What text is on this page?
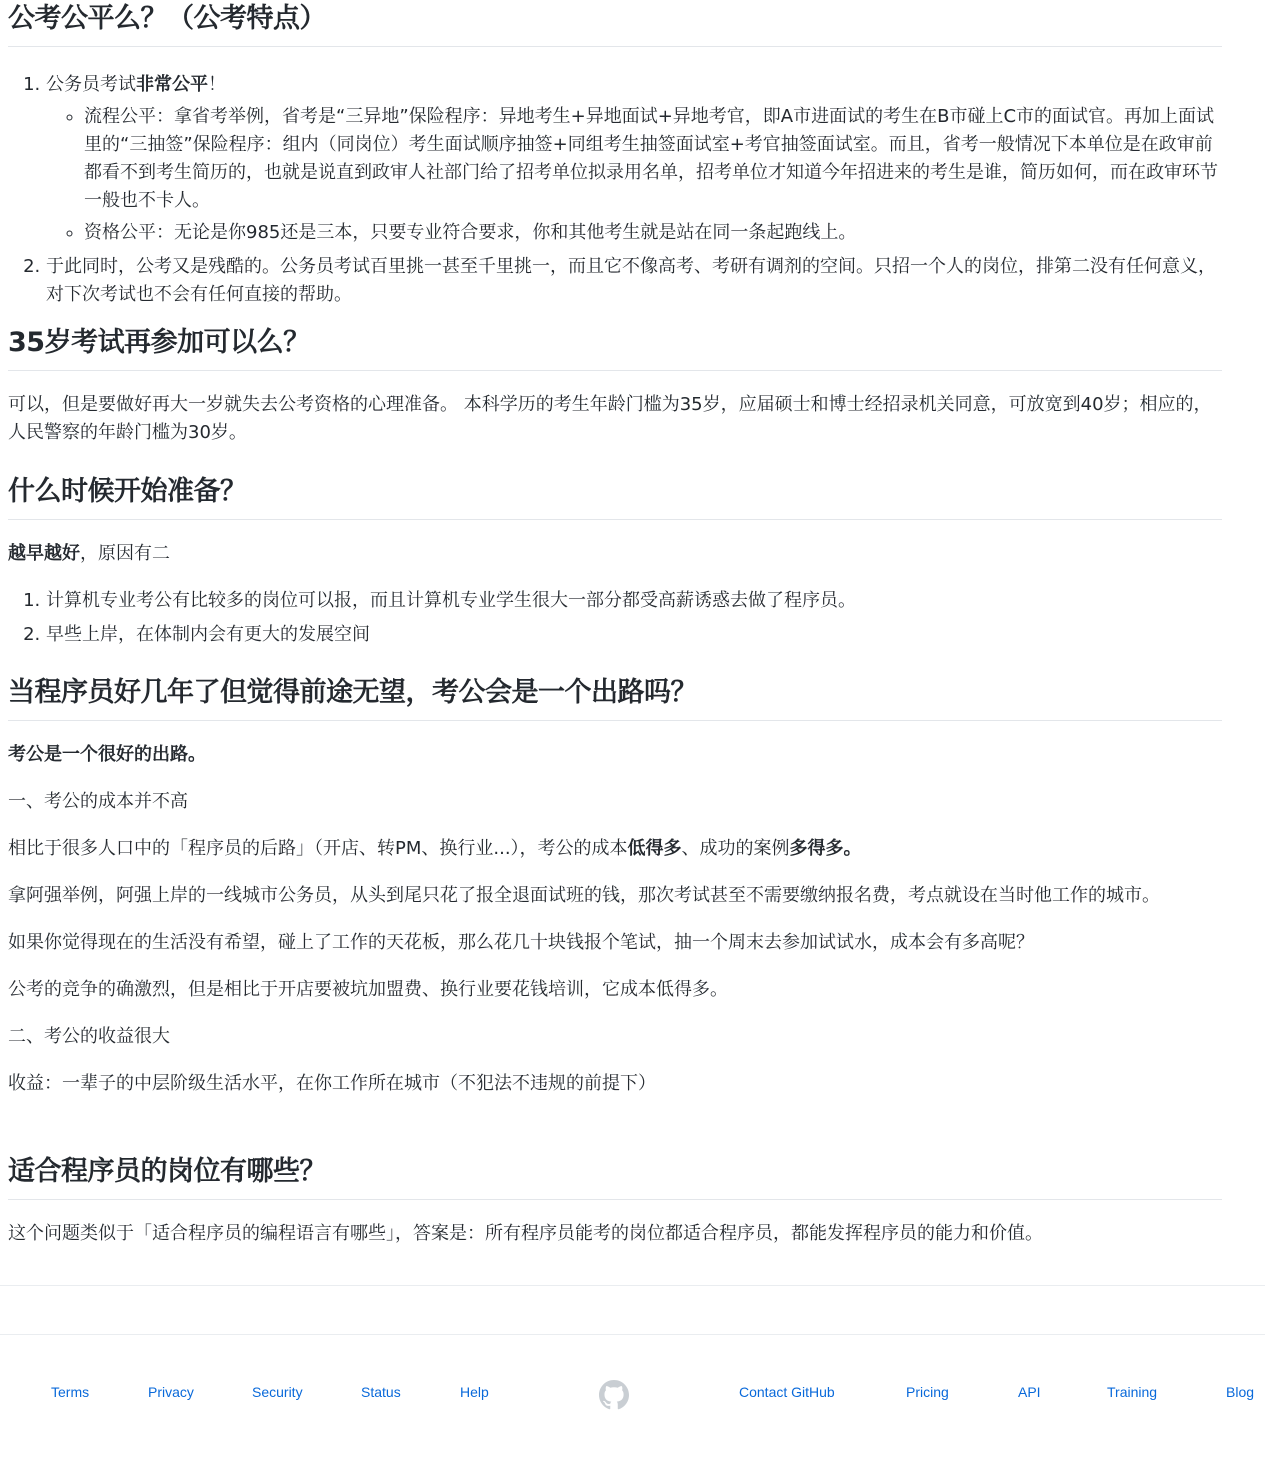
公考公平么？（公考特点）
1. 公务员考试非常公平！
◦ 流程公平：拿省考举例，省考是“三异地”保险程序：异地考生+异地面试+异地考官，即A市进面试的考生在B市碰上C市的面试官。再加上面试里的“三抽签”保险程序：组内（同岗位）考生面试顺序抽签+同组考生抽签面试室+考官抽签面试室。而且，省考一般情况下本单位是在政审前都看不到考生简历的，也就是说直到政审人社部门给了招考单位拟录用名单，招考单位才知道今年招进来的考生是谁，简历如何，而在政审环节一般也不卡人。
◦ 资格公平：无论是你985还是三本，只要专业符合要求，你和其他考生就是站在同一条起跑线上。
2. 于此同时，公考又是残酷的。公务员考试百里挑一甚至千里挑一，而且它不像高考、考研有调剂的空间。只招一个人的岗位，排第二没有任何意义，对下次考试也不会有任何直接的帮助。
35岁考试再参加可以么？

可以，但是要做好再大一岁就失去公考资格的心理准备。 本科学历的考生年龄门槛为35岁，应届硕士和博士经招录机关同意，可放宽到40岁；相应的，人民警察的年龄门槛为30岁。

什么时候开始准备？

越早越好，原因有二

1. 计算机专业考公有比较多的岗位可以报，而且计算机专业学生很大一部分都受高薪诱惑去做了程序员。
2. 早些上岸，在体制内会有更大的发展空间
当程序员好几年了但觉得前途无望，考公会是一个出路吗？

考公是一个很好的出路。

一、考公的成本并不高

相比于很多人口中的「程序员的后路」（开店、转PM、换行业...），考公的成本低得多、成功的案例多得多。

拿阿强举例，阿强上岸的一线城市公务员，从头到尾只花了报全退面试班的钱，那次考试甚至不需要缴纳报名费，考点就设在当时他工作的城市。

如果你觉得现在的生活没有希望，碰上了工作的天花板，那么花几十块钱报个笔试，抽一个周末去参加试试水，成本会有多高呢？

公考的竞争的确激烈，但是相比于开店要被坑加盟费、换行业要花钱培训，它成本低得多。

二、考公的收益很大

收益：一辈子的中层阶级生活水平，在你工作所在城市（不犯法不违规的前提下）

适合程序员的岗位有哪些？

这个问题类似于「适合程序员的编程语言有哪些」，答案是：所有程序员能考的岗位都适合程序员，都能发挥程序员的能力和价值。

Terms	Privacy	Security	Status	Help	Contact GitHub	Pricing	API	Training	Blog
